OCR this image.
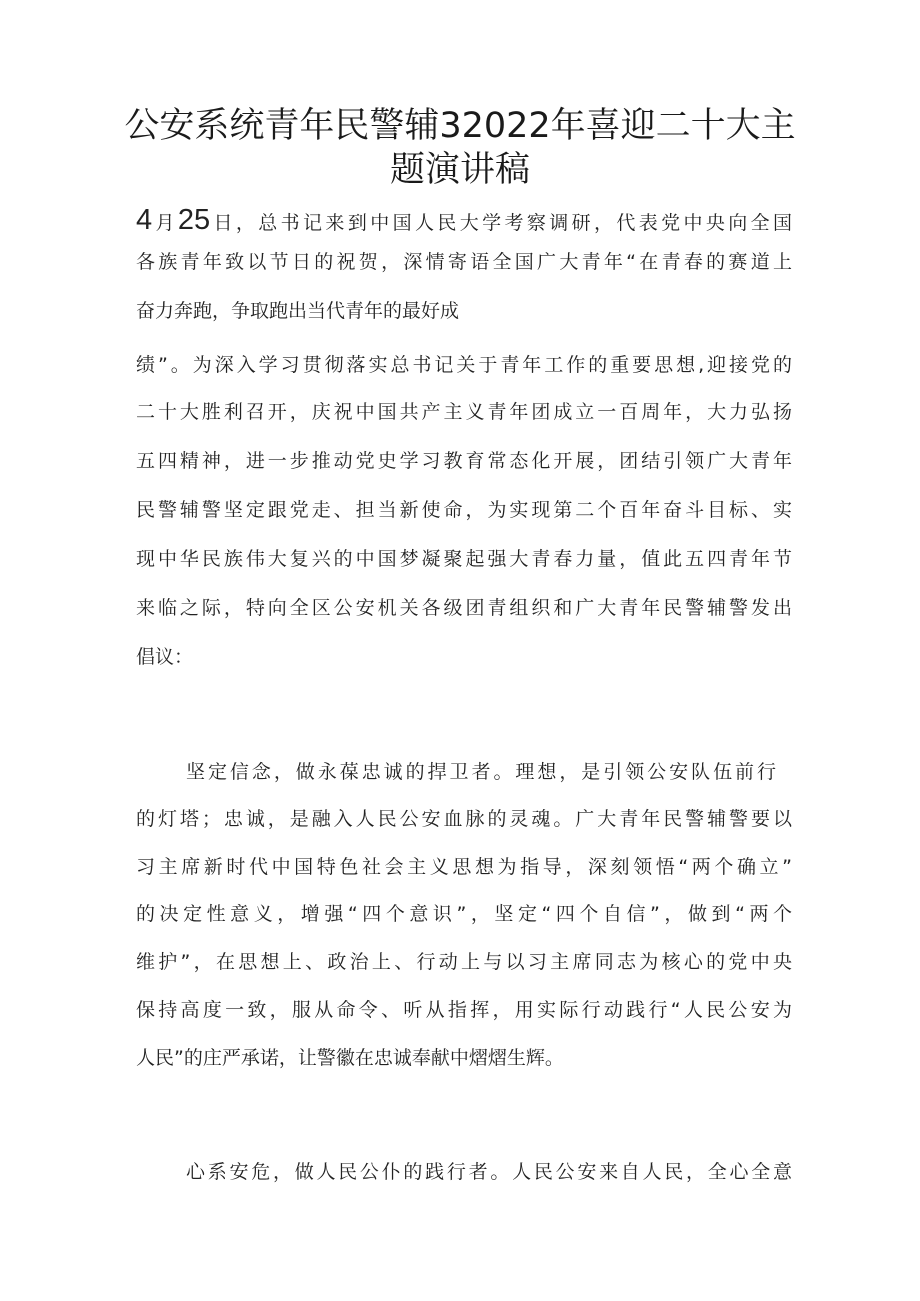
公安系统青年民警辅32022年喜迎二十大主
题演讲稿
4月25日，总书记来到中国人民大学考察调研，代表党中央向全国
各族青年致以节日的祝贺，深情寄语全国广大青年“在青春的赛道上
奋力奔跑，争取跑出当代青年的最好成
绩”。为深入学习贯彻落实总书记关于青年工作的重要思想,迎接党的
二十大胜利召开，庆祝中国共产主义青年团成立一百周年，大力弘扬
五四精神，进一步推动党史学习教育常态化开展，团结引领广大青年
民警辅警坚定跟党走、担当新使命，为实现第二个百年奋斗目标、实
现中华民族伟大复兴的中国梦凝聚起强大青春力量，值此五四青年节
来临之际，特向全区公安机关各级团青组织和广大青年民警辅警发出
倡议：
坚定信念，做永葆忠诚的捍卫者。理想，是引领公安队伍前行
的灯塔；忠诚，是融入人民公安血脉的灵魂。广大青年民警辅警要以
习主席新时代中国特色社会主义思想为指导，深刻领悟“两个确立”
的决定性意义，增强“四个意识”，坚定“四个自信”，做到“两个
维护”，在思想上、政治上、行动上与以习主席同志为核心的党中央
保持高度一致，服从命令、听从指挥，用实际行动践行“人民公安为
人民”的庄严承诺，让警徽在忠诚奉献中熠熠生辉。
心系安危，做人民公仆的践行者。人民公安来自人民，全心全意
